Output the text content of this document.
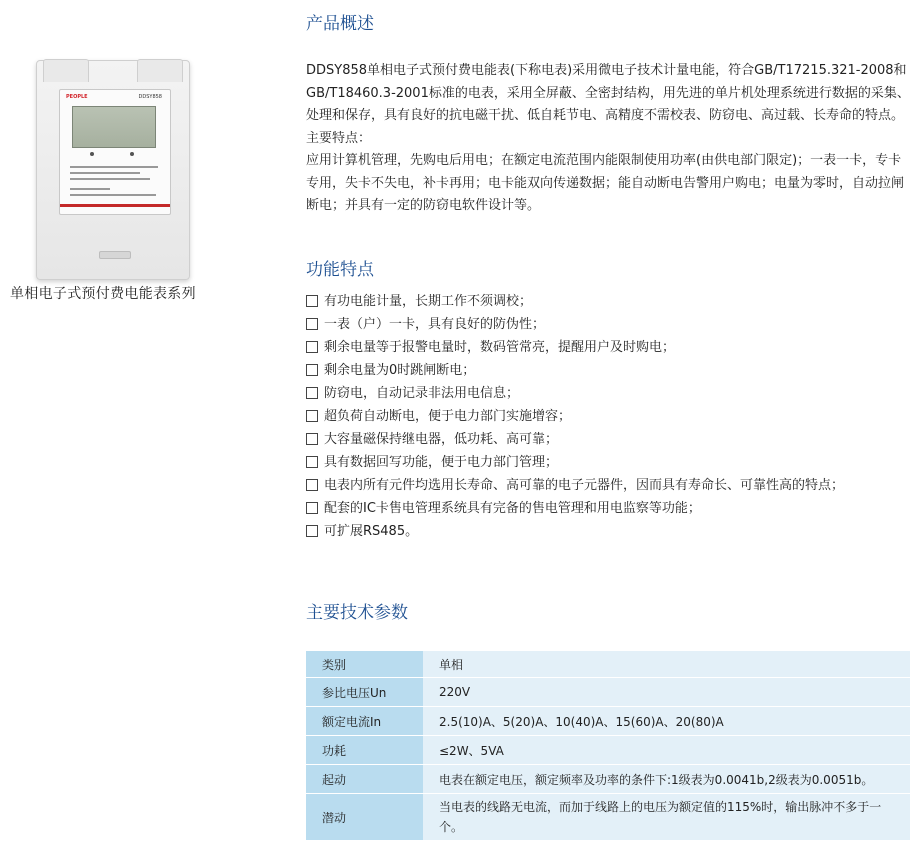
PEOPLE	DDSY858
单相电子式预付费电能表系列
产品概述

DDSY858单相电子式预付费电能表(下称电表)采用微电子技术计量电能，符合GB/T17215.321-2008和GB/T18460.3-2001标准的电表，采用全屏蔽、全密封结构，用先进的单片机处理系统进行数据的采集、处理和保存，具有良好的抗电磁干扰、低自耗节电、高精度不需校表、防窃电、高过载、长寿命的特点。主要特点：

应用计算机管理，先购电后用电；在额定电流范围内能限制使用功率(由供电部门限定)；一表一卡，专卡专用，失卡不失电，补卡再用；电卡能双向传递数据；能自动断电告警用户购电；电量为零时，自动拉闸断电；并具有一定的防窃电软件设计等。

功能特点
有功电能计量，长期工作不须调校；
一表（户）一卡，具有良好的防伪性；
剩余电量等于报警电量时，数码管常亮，提醒用户及时购电；
剩余电量为0时跳闸断电；
防窃电，自动记录非法用电信息；
超负荷自动断电，便于电力部门实施增容；
大容量磁保持继电器，低功耗、高可靠；
具有数据回写功能，便于电力部门管理；
电表内所有元件均选用长寿命、高可靠的电子元器件，因而具有寿命长、可靠性高的特点；
配套的IC卡售电管理系统具有完备的售电管理和用电监察等功能；
可扩展RS485。
主要技术参数
类别	单相
参比电压Un	220V
额定电流In	2.5(10)A、5(20)A、10(40)A、15(60)A、20(80)A
功耗	≤2W、5VA
起动	电表在额定电压，额定频率及功率的条件下:1级表为0.0041b,2级表为0.0051b。
潜动	当电表的线路无电流，而加于线路上的电压为额定值的115%时，输出脉冲不多于一个。
